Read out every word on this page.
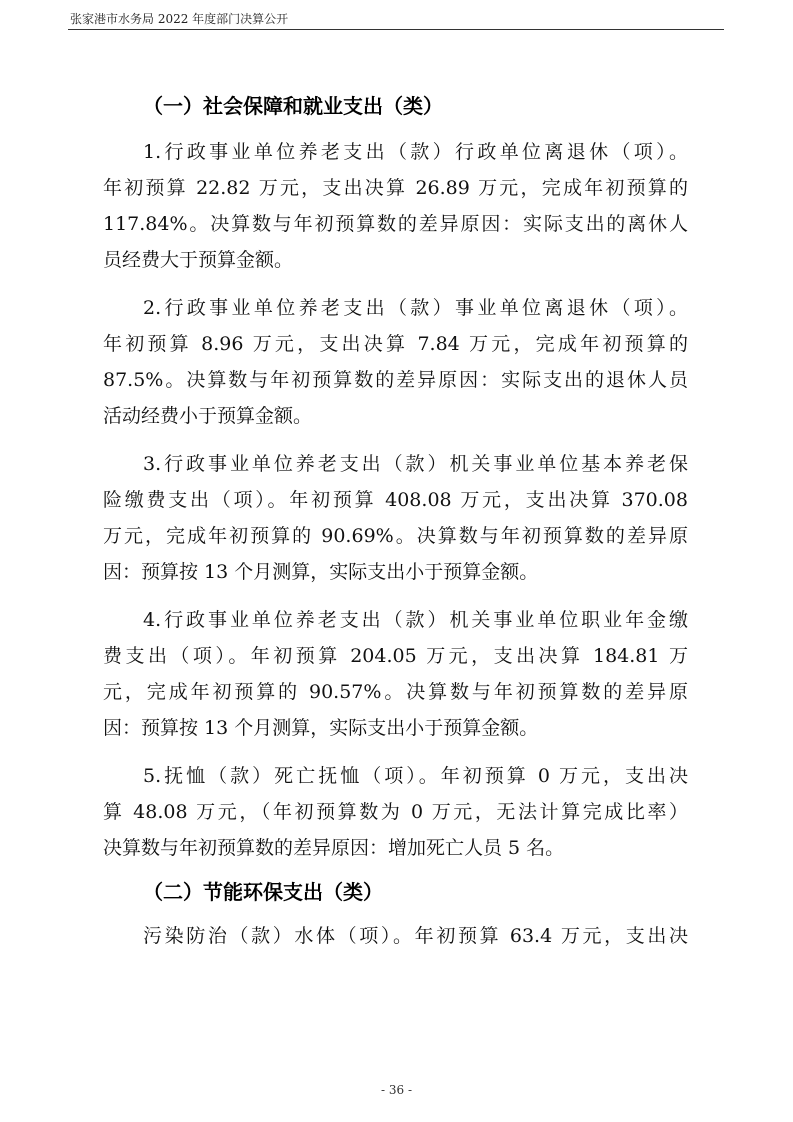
张家港市水务局 2022 年度部门决算公开
（一）社会保障和就业支出（类）
1.行政事业单位养老支出（款）行政单位离退休（项）。
年初预算 22.82 万元，支出决算 26.89 万元，完成年初预算的
117.84%。决算数与年初预算数的差异原因：实际支出的离休人
员经费大于预算金额。
2.行政事业单位养老支出（款）事业单位离退休（项）。
年初预算 8.96 万元，支出决算 7.84 万元，完成年初预算的
87.5%。决算数与年初预算数的差异原因：实际支出的退休人员
活动经费小于预算金额。
3.行政事业单位养老支出（款）机关事业单位基本养老保
险缴费支出（项）。年初预算 408.08 万元，支出决算 370.08
万元，完成年初预算的 90.69%。决算数与年初预算数的差异原
因：预算按 13 个月测算，实际支出小于预算金额。
4.行政事业单位养老支出（款）机关事业单位职业年金缴
费支出（项）。年初预算 204.05 万元，支出决算 184.81 万
元，完成年初预算的 90.57%。决算数与年初预算数的差异原
因：预算按 13 个月测算，实际支出小于预算金额。
5.抚恤（款）死亡抚恤（项）。年初预算 0 万元，支出决
算 48.08 万元，（年初预算数为 0 万元，无法计算完成比率）
决算数与年初预算数的差异原因：增加死亡人员 5 名。
（二）节能环保支出（类）
污染防治（款）水体（项）。年初预算 63.4 万元，支出决
- 36 -
